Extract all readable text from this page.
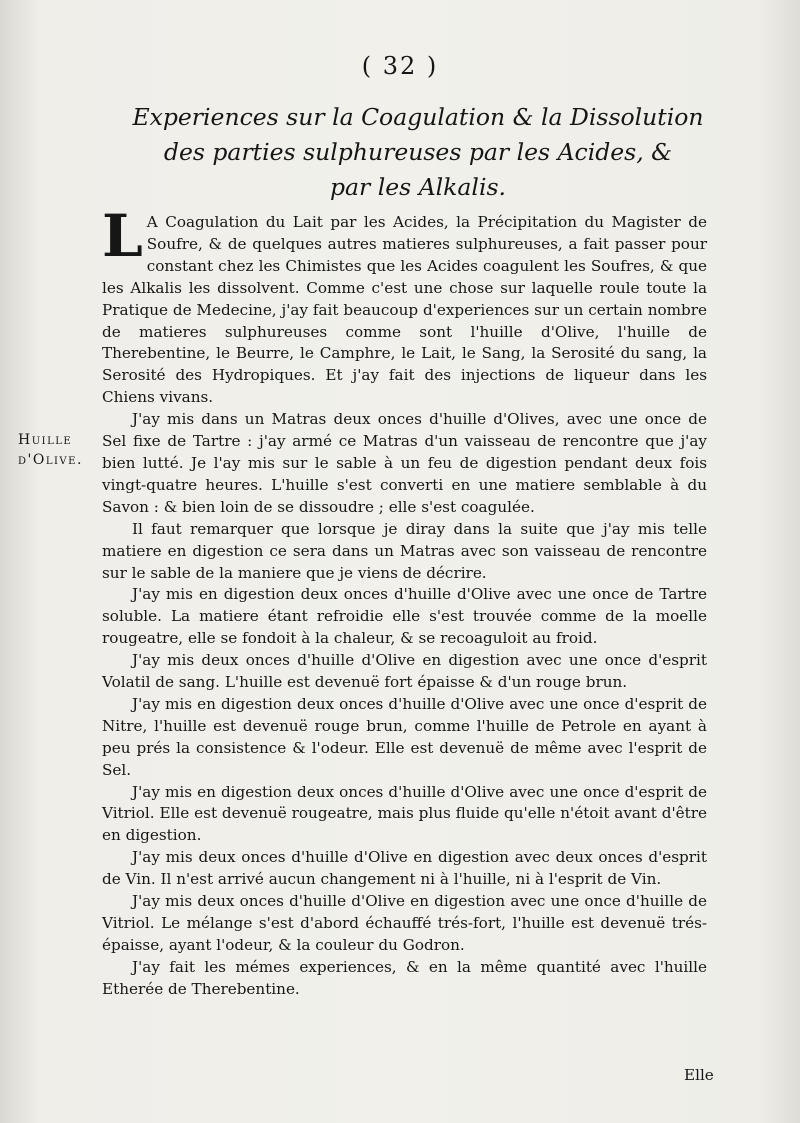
( 32 )
Experiences sur la Coagulation & la Dissolution
des parties sulphureuses par les Acides, &
par les Alkalis.
Huille
d'Olive.

L A Coagulation du Lait par les Acides, la Précipitation du Magister de Soufre, & de quelques autres matieres sulphureuses, a fait passer pour constant chez les Chimistes que les Acides coagulent les Soufres, & que les Alkalis les dissolvent. Comme c'est une chose sur laquelle roule toute la Pratique de Medecine, j'ay fait beaucoup d'experiences sur un certain nombre de matieres sulphureuses comme sont l'huille d'Olive, l'huille de Therebentine, le Beurre, le Camphre, le Lait, le Sang, la Serosité du sang, la Serosité des Hydropiques. Et j'ay fait des injections de liqueur dans les Chiens vivans.

J'ay mis dans un Matras deux onces d'huille d'Olives, avec une once de Sel fixe de Tartre : j'ay armé ce Matras d'un vaisseau de rencontre que j'ay bien lutté. Je l'ay mis sur le sable à un feu de digestion pendant deux fois vingt-quatre heures. L'huille s'est converti en une matiere semblable à du Savon : & bien loin de se dissoudre ; elle s'est coagulée.

Il faut remarquer que lorsque je diray dans la suite que j'ay mis telle matiere en digestion ce sera dans un Matras avec son vaisseau de rencontre sur le sable de la maniere que je viens de décrire.

J'ay mis en digestion deux onces d'huille d'Olive avec une once de Tartre soluble. La matiere étant refroidie elle s'est trouvée comme de la moelle rougeatre, elle se fondoit à la chaleur, & se recoaguloit au froid.

J'ay mis deux onces d'huille d'Olive en digestion avec une once d'esprit Volatil de sang. L'huille est devenuë fort épaisse & d'un rouge brun.

J'ay mis en digestion deux onces d'huille d'Olive avec une once d'esprit de Nitre, l'huille est devenuë rouge brun, comme l'huille de Petrole en ayant à peu prés la consistence & l'odeur. Elle est devenuë de même avec l'esprit de Sel.

J'ay mis en digestion deux onces d'huille d'Olive avec une once d'esprit de Vitriol. Elle est devenuë rougeatre, mais plus fluide qu'elle n'étoit avant d'être en digestion.

J'ay mis deux onces d'huille d'Olive en digestion avec deux onces d'esprit de Vin. Il n'est arrivé aucun changement ni à l'huille, ni à l'esprit de Vin.

J'ay mis deux onces d'huille d'Olive en digestion avec une once d'huille de Vitriol. Le mélange s'est d'abord échauffé trés-fort, l'huille est devenuë trés-épaisse, ayant l'odeur, & la couleur du Godron.

J'ay fait les mémes experiences, & en la même quantité avec l'huille Etherée de Therebentine.

Elle
